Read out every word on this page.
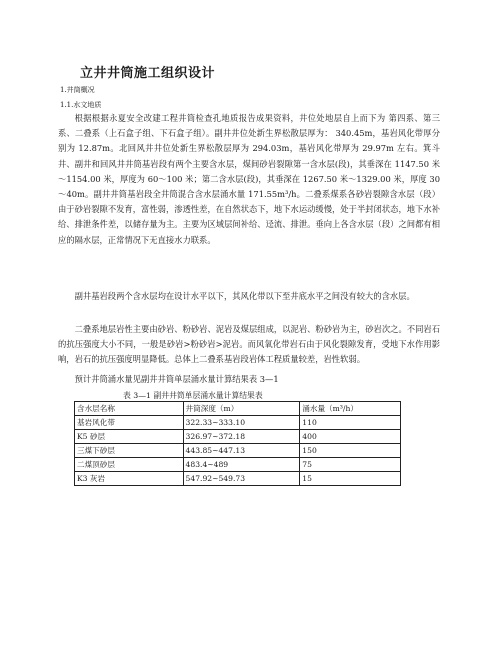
立井井筒施工组织设计

1.井筒概况

1.1.水文地质

根据根据永夏安全改建工程井筒检查孔地质报告成果资料，井位处地层自上而下为 第四系、第三系、二叠系（上石盒子组、下石盒子组）。副井井位处新生界松散层厚为： 340.45m，基岩风化带厚分别为 12.87m。北回风井井位处新生界松散层厚为 294.03m，基岩风化带厚为 29.97m 左右。箕斗井、副井和回风井井筒基岩段有两个主要含水层，煤间砂岩裂隙第一含水层(段)，其垂深在 1147.50 米～1154.00 米，厚度为 60～100 米；第二含水层(段)，其垂深在 1267.50 米～1329.00 米，厚度 30～40m。副井井筒基岩段全井筒混合含水层涌水量 171.55m³/h。二叠系煤系各砂岩裂隙含水层（段）由于砂岩裂隙不发育，富性弱，渗透性差，在自然状态下，地下水运动缓慢，处于半封闭状态，地下水补给、排泄条件差，以储存量为主。主要为区域层间补给、迳流、排泄。垂向上各含水层（段）之间都有相应的隔水层，正常情况下无直接水力联系。

副井基岩段两个含水层均在设计水平以下，其风化带以下至井底水平之间没有较大的含水层。

二叠系地层岩性主要由砂岩、粉砂岩、泥岩及煤层组成，以泥岩、粉砂岩为主，砂岩次之。不同岩石的抗压强度大小不同，一般是砂岩>粉砂岩>泥岩。而风氧化带岩石由于风化裂隙发育，受地下水作用影响，岩石的抗压强度明显降低。总体上二叠系基岩段岩体工程质量较差，岩性软弱。

预计井筒涌水量见副井井筒单层涌水量计算结果表 3—1

表 3—1 副井井筒单层涌水量计算结果表

含水层名称	井筒深度（m）	涌水量（m³/h）
基岩风化带	322.33~333.10	110
K5 砂层	326.97~372.18	400
三煤下砂层	443.85~447.13	150
二煤顶砂层	483.4~489	75
K3 灰岩	547.92~549.73	15
